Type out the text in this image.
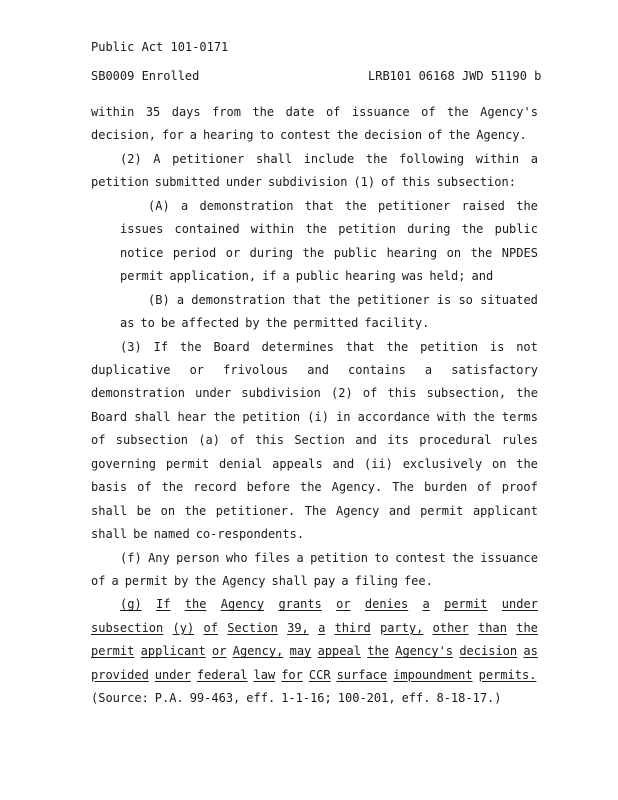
Public Act 101-0171
SB0009 Enrolled	LRB101 06168 JWD 51190 b
within 35 days from the date of issuance of the Agency's
decision, for a hearing to contest the decision of the Agency.
(2) A petitioner shall include the following within a
petition submitted under subdivision (1) of this subsection:
(A) a demonstration that the petitioner raised the
issues contained within the petition during the public
notice period or during the public hearing on the NPDES
permit application, if a public hearing was held; and
(B) a demonstration that the petitioner is so situated
as to be affected by the permitted facility.
(3) If the Board determines that the petition is not
duplicative or frivolous and contains a satisfactory
demonstration under subdivision (2) of this subsection, the
Board shall hear the petition (i) in accordance with the terms
of subsection (a) of this Section and its procedural rules
governing permit denial appeals and (ii) exclusively on the
basis of the record before the Agency. The burden of proof
shall be on the petitioner. The Agency and permit applicant
shall be named co-respondents.
(f) Any person who files a petition to contest the issuance
of a permit by the Agency shall pay a filing fee.
(g) If the Agency grants or denies a permit under
subsection (y) of Section 39, a third party, other than the
permit applicant or Agency, may appeal the Agency's decision as
provided under federal law for CCR surface impoundment permits.
(Source: P.A. 99-463, eff. 1-1-16; 100-201, eff. 8-18-17.)
